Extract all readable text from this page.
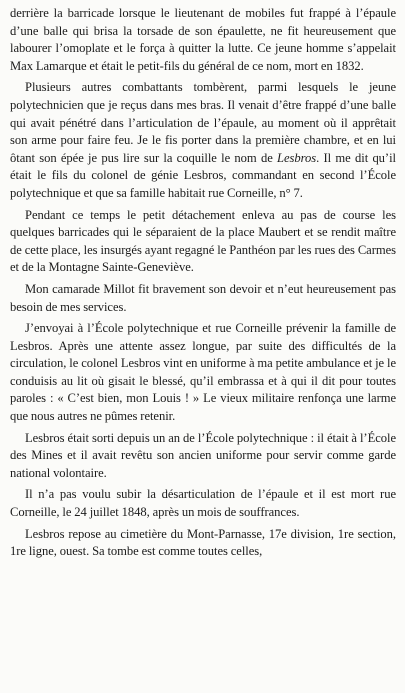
derrière la barricade lorsque le lieutenant de mobiles fut frappé à l’épaule d’une balle qui brisa la torsade de son épaulette, ne fit heureusement que labourer l’omoplate et le força à quitter la lutte. Ce jeune homme s’appelait Max Lamarque et était le petit-fils du général de ce nom, mort en 1832.

Plusieurs autres combattants tombèrent, parmi lesquels le jeune polytechnicien que je reçus dans mes bras. Il venait d’être frappé d’une balle qui avait pénétré dans l’articulation de l’épaule, au moment où il apprêtait son arme pour faire feu. Je le fis porter dans la première chambre, et en lui ôtant son épée je pus lire sur la coquille le nom de Lesbros. Il me dit qu’il était le fils du colonel de génie Lesbros, commandant en second l’École polytechnique et que sa famille habitait rue Corneille, n° 7.

Pendant ce temps le petit détachement enleva au pas de course les quelques barricades qui le séparaient de la place Maubert et se rendit maître de cette place, les insurgés ayant regagné le Panthéon par les rues des Carmes et de la Montagne Sainte-Geneviève.

Mon camarade Millot fit bravement son devoir et n’eut heureusement pas besoin de mes services.

J’envoyai à l’École polytechnique et rue Corneille prévenir la famille de Lesbros. Après une attente assez longue, par suite des difficultés de la circulation, le colonel Lesbros vint en uniforme à ma petite ambulance et je le conduisis au lit où gisait le blessé, qu’il embrassa et à qui il dit pour toutes paroles : « C’est bien, mon Louis ! » Le vieux militaire renfonça une larme que nous autres ne pûmes retenir.

Lesbros était sorti depuis un an de l’École polytechnique : il était à l’École des Mines et il avait revêtu son ancien uniforme pour servir comme garde national volontaire.

Il n’a pas voulu subir la désarticulation de l’épaule et il est mort rue Corneille, le 24 juillet 1848, après un mois de souffrances.

Lesbros repose au cimetière du Mont-Parnasse, 17e division, 1re section, 1re ligne, ouest. Sa tombe est comme toutes celles,
